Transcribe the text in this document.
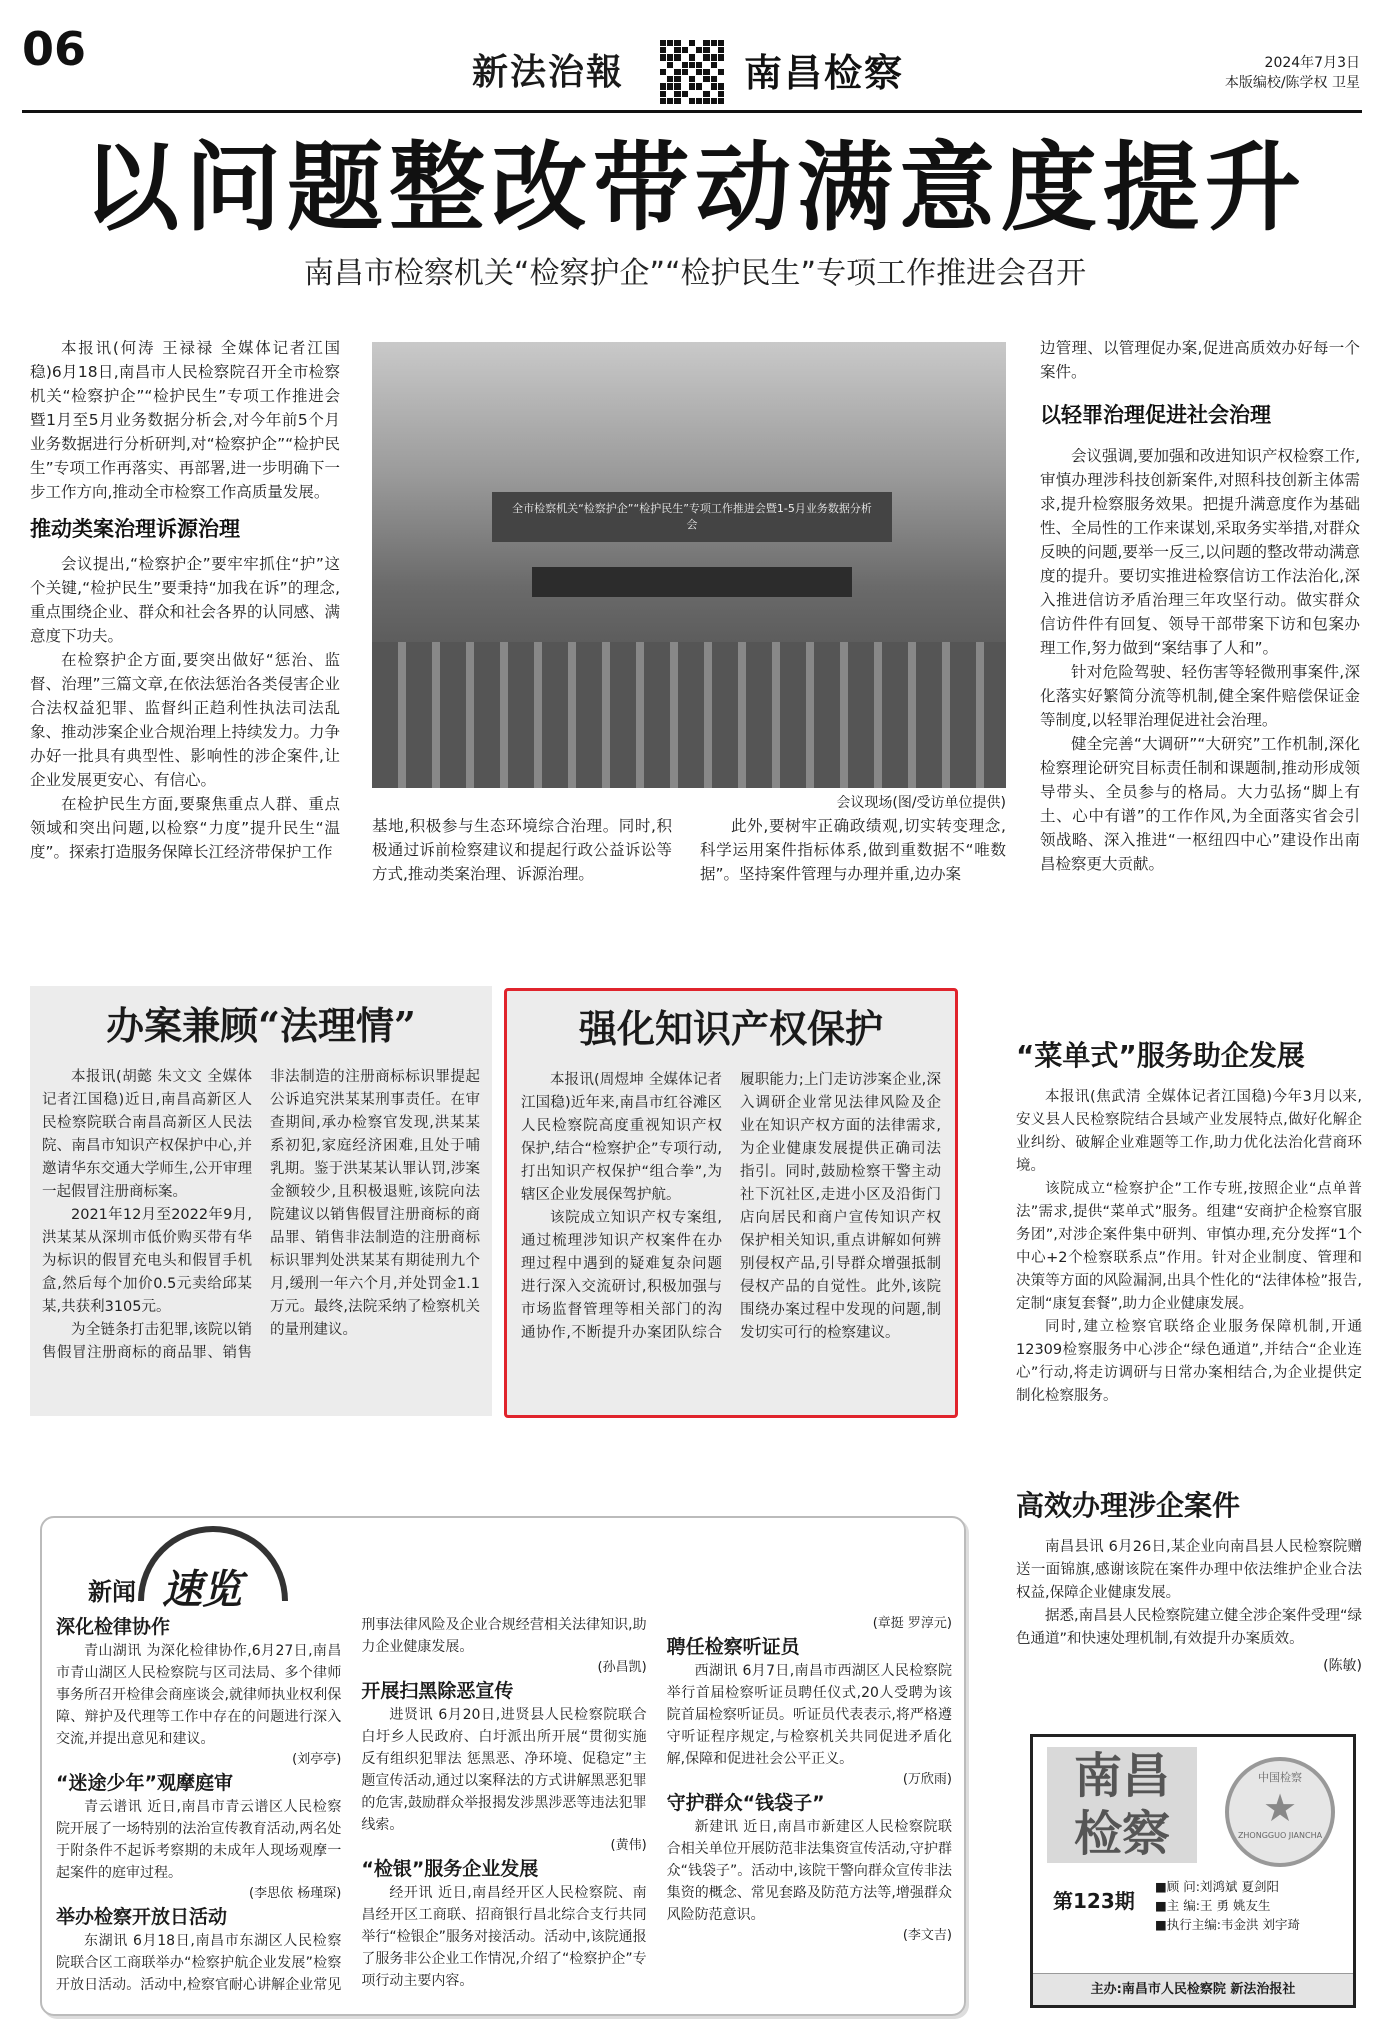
06	新法治報	南昌检察	2024年7月3日
本版编校/陈学权 卫星
以问题整改带动满意度提升
南昌市检察机关“检察护企”“检护民生”专项工作推进会召开

本报讯(何涛 王禄禄 全媒体记者江国稳)6月18日,南昌市人民检察院召开全市检察机关“检察护企”“检护民生”专项工作推进会暨1月至5月业务数据分析会,对今年前5个月业务数据进行分析研判,对“检察护企”“检护民生”专项工作再落实、再部署,进一步明确下一步工作方向,推动全市检察工作高质量发展。

推动类案治理诉源治理

会议提出,“检察护企”要牢牢抓住“护”这个关键,“检护民生”要秉持“加我在诉”的理念,重点围绕企业、群众和社会各界的认同感、满意度下功夫。

在检察护企方面,要突出做好“惩治、监督、治理”三篇文章,在依法惩治各类侵害企业合法权益犯罪、监督纠正趋利性执法司法乱象、推动涉案企业合规治理上持续发力。力争办好一批具有典型性、影响性的涉企案件,让企业发展更安心、有信心。

在检护民生方面,要聚焦重点人群、重点领域和突出问题,以检察“力度”提升民生“温度”。探索打造服务保障长江经济带保护工作

全市检察机关“检察护企”“检护民生”专项工作推进会暨1-5月业务数据分析会
会议现场(图/受访单位提供)

基地,积极参与生态环境综合治理。同时,积极通过诉前检察建议和提起行政公益诉讼等方式,推动类案治理、诉源治理。

此外,要树牢正确政绩观,切实转变理念,科学运用案件指标体系,做到重数据不“唯数据”。坚持案件管理与办理并重,边办案

边管理、以管理促办案,促进高质效办好每一个案件。

以轻罪治理促进社会治理

会议强调,要加强和改进知识产权检察工作,审慎办理涉科技创新案件,对照科技创新主体需求,提升检察服务效果。把提升满意度作为基础性、全局性的工作来谋划,采取务实举措,对群众反映的问题,要举一反三,以问题的整改带动满意度的提升。要切实推进检察信访工作法治化,深入推进信访矛盾治理三年攻坚行动。做实群众信访件件有回复、领导干部带案下访和包案办理工作,努力做到“案结事了人和”。

针对危险驾驶、轻伤害等轻微刑事案件,深化落实好繁简分流等机制,健全案件赔偿保证金等制度,以轻罪治理促进社会治理。

健全完善“大调研”“大研究”工作机制,深化检察理论研究目标责任制和课题制,推动形成领导带头、全员参与的格局。大力弘扬“脚上有土、心中有谱”的工作作风,为全面落实省会引领战略、深入推进“一枢纽四中心”建设作出南昌检察更大贡献。

办案兼顾“法理情”

本报讯(胡懿 朱文文 全媒体记者江国稳)近日,南昌高新区人民检察院联合南昌高新区人民法院、南昌市知识产权保护中心,并邀请华东交通大学师生,公开审理一起假冒注册商标案。

2021年12月至2022年9月,洪某某从深圳市低价购买带有华为标识的假冒充电头和假冒手机盒,然后每个加价0.5元卖给邱某某,共获利3105元。

为全链条打击犯罪,该院以销售假冒注册商标的商品罪、销售非法制造的注册商标标识罪提起公诉追究洪某某刑事责任。在审查期间,承办检察官发现,洪某某系初犯,家庭经济困难,且处于哺乳期。鉴于洪某某认罪认罚,涉案金额较少,且积极退赃,该院向法院建议以销售假冒注册商标的商品罪、销售非法制造的注册商标标识罪判处洪某某有期徒刑九个月,缓刑一年六个月,并处罚金1.1万元。最终,法院采纳了检察机关的量刑建议。

强化知识产权保护

本报讯(周煜坤 全媒体记者江国稳)近年来,南昌市红谷滩区人民检察院高度重视知识产权保护,结合“检察护企”专项行动,打出知识产权保护“组合拳”,为辖区企业发展保驾护航。

该院成立知识产权专案组,通过梳理涉知识产权案件在办理过程中遇到的疑难复杂问题进行深入交流研讨,积极加强与市场监督管理等相关部门的沟通协作,不断提升办案团队综合履职能力;上门走访涉案企业,深入调研企业常见法律风险及企业在知识产权方面的法律需求,为企业健康发展提供正确司法指引。同时,鼓励检察干警主动社下沉社区,走进小区及沿街门店向居民和商户宣传知识产权保护相关知识,重点讲解如何辨别侵权产品,引导群众增强抵制侵权产品的自觉性。此外,该院围绕办案过程中发现的问题,制发切实可行的检察建议。

“菜单式”服务助企发展

本报讯(焦武清 全媒体记者江国稳)今年3月以来,安义县人民检察院结合县域产业发展特点,做好化解企业纠纷、破解企业难题等工作,助力优化法治化营商环境。

该院成立“检察护企”工作专班,按照企业“点单普法”需求,提供“菜单式”服务。组建“安商护企检察官服务团”,对涉企案件集中研判、审慎办理,充分发挥“1个中心+2个检察联系点”作用。针对企业制度、管理和决策等方面的风险漏洞,出具个性化的“法律体检”报告,定制“康复套餐”,助力企业健康发展。

同时,建立检察官联络企业服务保障机制,开通12309检察服务中心涉企“绿色通道”,并结合“企业连心”行动,将走访调研与日常办案相结合,为企业提供定制化检察服务。

高效办理涉企案件

南昌县讯 6月26日,某企业向南昌县人民检察院赠送一面锦旗,感谢该院在案件办理中依法维护企业合法权益,保障企业健康发展。

据悉,南昌县人民检察院建立健全涉企案件受理“绿色通道”和快速处理机制,有效提升办案质效。

(陈敏)
新闻 速览
深化检律协作
青山湖讯 为深化检律协作,6月27日,南昌市青山湖区人民检察院与区司法局、多个律师事务所召开检律会商座谈会,就律师执业权利保障、辩护及代理等工作中存在的问题进行深入交流,并提出意见和建议。
(刘亭亭)
“迷途少年”观摩庭审
青云谱讯 近日,南昌市青云谱区人民检察院开展了一场特别的法治宣传教育活动,两名处于附条件不起诉考察期的未成年人现场观摩一起案件的庭审过程。
(李思依 杨瑾琛)
举办检察开放日活动
东湖讯 6月18日,南昌市东湖区人民检察院联合区工商联举办“检察护航企业发展”检察开放日活动。活动中,检察官耐心讲解企业常见刑事法律风险及企业合规经营相关法律知识,助力企业健康发展。
(孙昌凯)
开展扫黑除恶宣传
进贤讯 6月20日,进贤县人民检察院联合白圩乡人民政府、白圩派出所开展“贯彻实施反有组织犯罪法 惩黑恶、净环境、促稳定”主题宣传活动,通过以案释法的方式讲解黑恶犯罪的危害,鼓励群众举报揭发涉黑涉恶等违法犯罪线索。
(黄伟)
“检银”服务企业发展
经开讯 近日,南昌经开区人民检察院、南昌经开区工商联、招商银行昌北综合支行共同举行“检银企”服务对接活动。活动中,该院通报了服务非公企业工作情况,介绍了“检察护企”专项行动主要内容。
(章挺 罗淳元)
聘任检察听证员
西湖讯 6月7日,南昌市西湖区人民检察院举行首届检察听证员聘任仪式,20人受聘为该院首届检察听证员。听证员代表表示,将严格遵守听证程序规定,与检察机关共同促进矛盾化解,保障和促进社会公平正义。
(万欣雨)
守护群众“钱袋子”
新建讯 近日,南昌市新建区人民检察院联合相关单位开展防范非法集资宣传活动,守护群众“钱袋子”。活动中,该院干警向群众宣传非法集资的概念、常见套路及防范方法等,增强群众风险防范意识。
(李文吉)
南昌
检察
中国检察
★
ZHONGGUO JIANCHA
第123期
■顾 问:刘鸿斌 夏剑阳
■主 编:王 勇 姚友生
■执行主编:韦金洪 刘宇琦
主办:南昌市人民检察院 新法治报社
